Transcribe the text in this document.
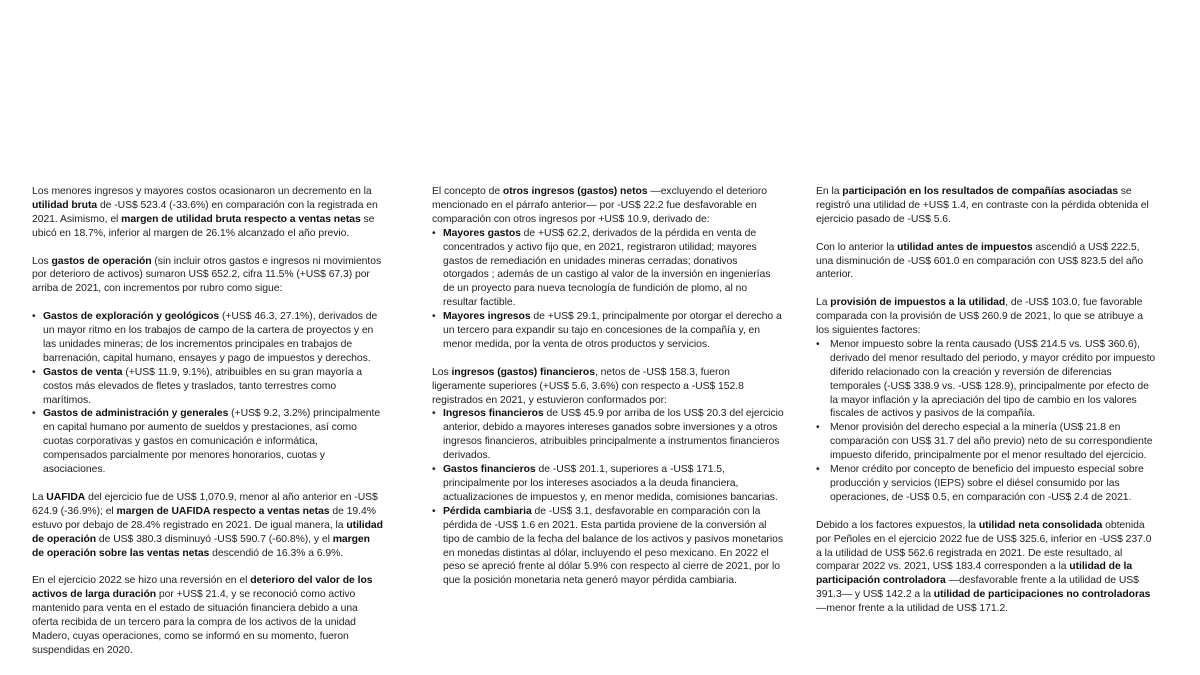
Los menores ingresos y mayores costos ocasionaron un decremento en la utilidad bruta de -US$ 523.4 (-33.6%) en comparación con la registrada en 2021. Asimismo, el margen de utilidad bruta respecto a ventas netas se ubicó en 18.7%, inferior al margen de 26.1% alcanzado el año previo.

Los gastos de operación (sin incluir otros gastos e ingresos ni movimientos por deterioro de activos) sumaron US$ 652.2, cifra 11.5% (+US$ 67.3) por arriba de 2021, con incrementos por rubro como sigue:

• Gastos de exploración y geológicos (+US$ 46.3, 27.1%), derivados de un mayor ritmo en los trabajos de campo de la cartera de proyectos y en las unidades mineras; de los incrementos principales en trabajos de barrenación, capital humano, ensayes y pago de impuestos y derechos.
• Gastos de venta (+US$ 11.9, 9.1%), atribuibles en su gran mayoría a costos más elevados de fletes y traslados, tanto terrestres como marítimos.
• Gastos de administración y generales (+US$ 9.2, 3.2%) principalmente en capital humano por aumento de sueldos y prestaciones, así como cuotas corporativas y gastos en comunicación e informática, compensados parcialmente por menores honorarios, cuotas y asociaciones.

La UAFIDA del ejercicio fue de US$ 1,070.9, menor al año anterior en -US$ 624.9 (-36.9%); el margen de UAFIDA respecto a ventas netas de 19.4% estuvo por debajo de 28.4% registrado en 2021. De igual manera, la utilidad de operación de US$ 380.3 disminuyó -US$ 590.7 (-60.8%), y el margen de operación sobre las ventas netas descendió de 16.3% a 6.9%.

En el ejercicio 2022 se hizo una reversión en el deterioro del valor de los activos de larga duración por +US$ 21.4, y se reconoció como activo mantenido para venta en el estado de situación financiera debido a una oferta recibida de un tercero para la compra de los activos de la unidad Madero, cuyas operaciones, como se informó en su momento, fueron suspendidas en 2020.

El concepto de otros ingresos (gastos) netos —excluyendo el deterioro mencionado en el párrafo anterior— por -US$ 22.2 fue desfavorable en comparación con otros ingresos por +US$ 10.9, derivado de:

• Mayores gastos de +US$ 62.2, derivados de la pérdida en venta de concentrados y activo fijo que, en 2021, registraron utilidad; mayores gastos de remediación en unidades mineras cerradas; donativos otorgados ; además de un castigo al valor de la inversión en ingenierías de un proyecto para nueva tecnología de fundición de plomo, al no resultar factible.
• Mayores ingresos de +US$ 29.1, principalmente por otorgar el derecho a un tercero para expandir su tajo en concesiones de la compañía y, en menor medida, por la venta de otros productos y servicios.

Los ingresos (gastos) financieros, netos de -US$ 158.3, fueron ligeramente superiores (+US$ 5.6, 3.6%) con respecto a -US$ 152.8 registrados en 2021, y estuvieron conformados por:

• Ingresos financieros de US$ 45.9 por arriba de los US$ 20.3 del ejercicio anterior, debido a mayores intereses ganados sobre inversiones y a otros ingresos financieros, atribuibles principalmente a instrumentos financieros derivados.
• Gastos financieros de -US$ 201.1, superiores a -US$ 171.5, principalmente por los intereses asociados a la deuda financiera, actualizaciones de impuestos y, en menor medida, comisiones bancarias.
• Pérdida cambiaria de -US$ 3.1, desfavorable en comparación con la pérdida de -US$ 1.6 en 2021. Esta partida proviene de la conversión al tipo de cambio de la fecha del balance de los activos y pasivos monetarios en monedas distintas al dólar, incluyendo el peso mexicano. En 2022 el peso se apreció frente al dólar 5.9% con respecto al cierre de 2021, por lo que la posición monetaria neta generó mayor pérdida cambiaria.

En la participación en los resultados de compañías asociadas se registró una utilidad de +US$ 1.4, en contraste con la pérdida obtenida el ejercicio pasado de -US$ 5.6.

Con lo anterior la utilidad antes de impuestos ascendió a US$ 222.5, una disminución de -US$ 601.0 en comparación con US$ 823.5 del año anterior.

La provisión de impuestos a la utilidad, de -US$ 103.0, fue favorable comparada con la provisión de US$ 260.9 de 2021, lo que se atribuye a los siguientes factores:

• Menor impuesto sobre la renta causado (US$ 214.5 vs. US$ 360.6), derivado del menor resultado del periodo, y mayor crédito por impuesto diferido relacionado con la creación y reversión de diferencias temporales (-US$ 338.9 vs. -US$ 128.9), principalmente por efecto de la mayor inflación y la apreciación del tipo de cambio en los valores fiscales de activos y pasivos de la compañía.
• Menor provisión del derecho especial a la minería (US$ 21.8 en comparación con US$ 31.7 del año previo) neto de su correspondiente impuesto diferido, principalmente por el menor resultado del ejercicio.
• Menor crédito por concepto de beneficio del impuesto especial sobre producción y servicios (IEPS) sobre el diésel consumido por las operaciones, de -US$ 0.5, en comparación con -US$ 2.4 de 2021.

Debido a los factores expuestos, la utilidad neta consolidada obtenida por Peñoles en el ejercicio 2022 fue de US$ 325.6, inferior en -US$ 237.0 a la utilidad de US$ 562.6 registrada en 2021. De este resultado, al comparar 2022 vs. 2021, US$ 183.4 corresponden a la utilidad de la participación controladora —desfavorable frente a la utilidad de US$ 391.3— y US$ 142.2 a la utilidad de participaciones no controladoras —menor frente a la utilidad de US$ 171.2.
